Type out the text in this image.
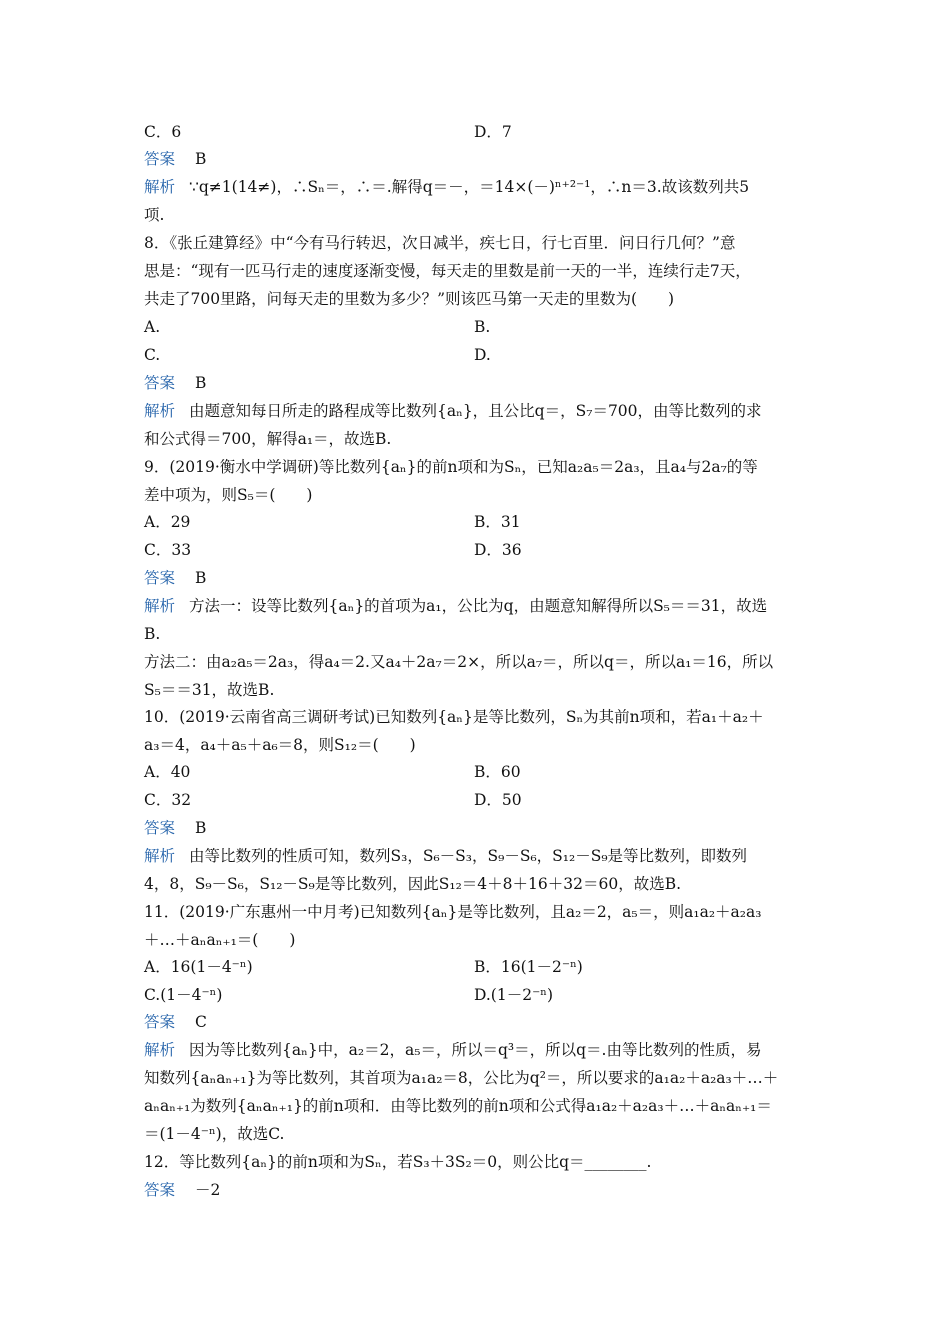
C．6	D．7
答案 B
解析 ∵q≠1(14≠)，∴Sₙ＝，∴＝.解得q＝－，＝14×(－)ⁿ⁺²⁻¹，∴n＝3.故该数列共5
项.
8．《张丘建算经》中“今有马行转迟，次日减半，疾七日，行七百里．问日行几何？”意
思是：“现有一匹马行走的速度逐渐变慢，每天走的里数是前一天的一半，连续行走7天，
共走了700里路，问每天走的里数为多少？”则该匹马第一天走的里数为(　　)
A.	B.
C.	D.
答案 B
解析 由题意知每日所走的路程成等比数列{aₙ}，且公比q＝，S₇＝700，由等比数列的求
和公式得＝700，解得a₁＝，故选B.
9．(2019·衡水中学调研)等比数列{aₙ}的前n项和为Sₙ，已知a₂a₅＝2a₃，且a₄与2a₇的等
差中项为，则S₅＝(　　)
A．29	B．31
C．33	D．36
答案 B
解析 方法一：设等比数列{aₙ}的首项为a₁，公比为q，由题意知解得所以S₅＝＝31，故选
B.
方法二：由a₂a₅＝2a₃，得a₄＝2.又a₄＋2a₇＝2×，所以a₇＝，所以q＝，所以a₁＝16，所以
S₅＝＝31，故选B.
10．(2019·云南省高三调研考试)已知数列{aₙ}是等比数列，Sₙ为其前n项和，若a₁＋a₂＋
a₃＝4，a₄＋a₅＋a₆＝8，则S₁₂＝(　　)
A．40	B．60
C．32	D．50
答案 B
解析 由等比数列的性质可知，数列S₃，S₆－S₃，S₉－S₆，S₁₂－S₉是等比数列，即数列
4，8，S₉－S₆，S₁₂－S₉是等比数列，因此S₁₂＝4＋8＋16＋32＝60，故选B.
11．(2019·广东惠州一中月考)已知数列{aₙ}是等比数列，且a₂＝2，a₅＝，则a₁a₂＋a₂a₃
＋…＋aₙaₙ₊₁＝(　　)
A．16(1－4⁻ⁿ)	B．16(1－2⁻ⁿ)
C.(1－4⁻ⁿ)	D.(1－2⁻ⁿ)
答案 C
解析 因为等比数列{aₙ}中，a₂＝2，a₅＝，所以＝q³＝，所以q＝.由等比数列的性质，易
知数列{aₙaₙ₊₁}为等比数列，其首项为a₁a₂＝8，公比为q²＝，所以要求的a₁a₂＋a₂a₃＋…＋
aₙaₙ₊₁为数列{aₙaₙ₊₁}的前n项和．由等比数列的前n项和公式得a₁a₂＋a₂a₃＋…＋aₙaₙ₊₁＝
＝(1－4⁻ⁿ)，故选C.
12．等比数列{aₙ}的前n项和为Sₙ，若S₃＋3S₂＝0，则公比q＝________.
答案 －2
